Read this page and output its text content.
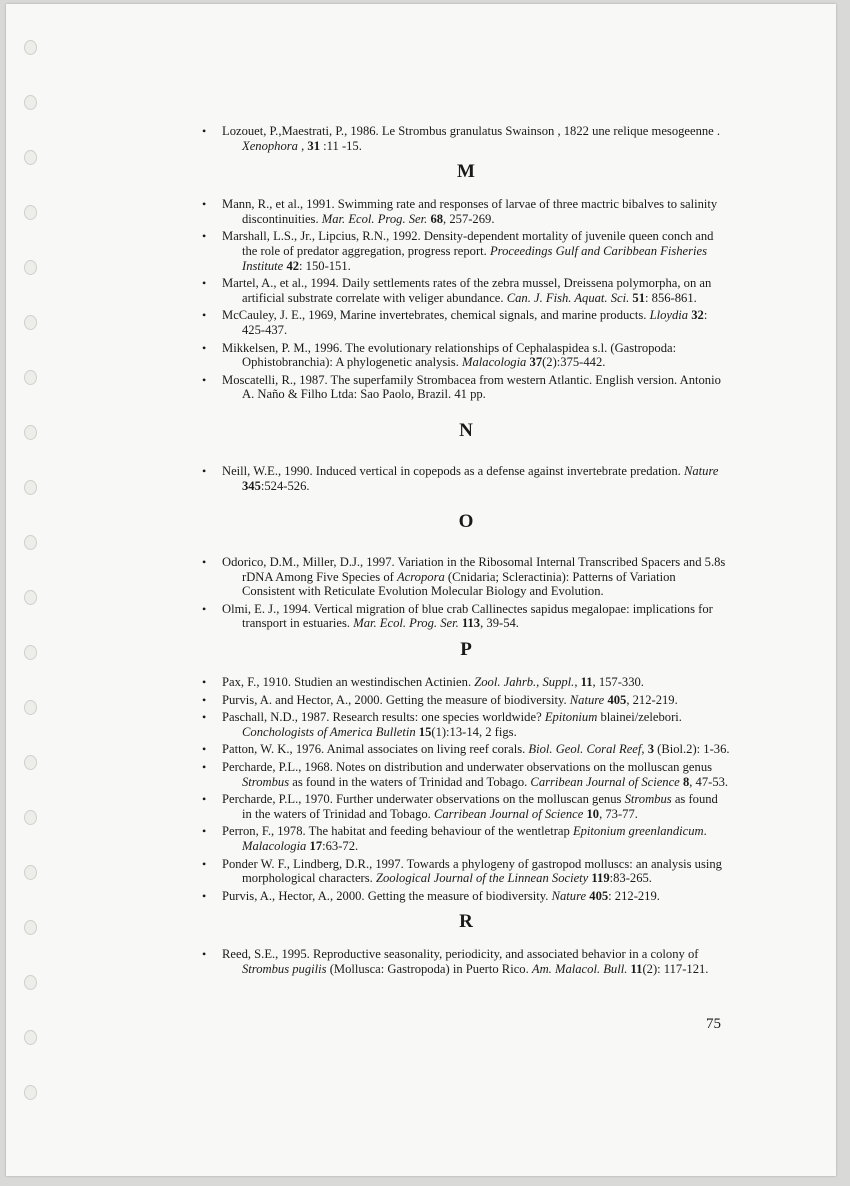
• Lozouet, P.,Maestrati, P., 1986. Le Strombus granulatus Swainson , 1822 une relique mesogeenne . Xenophora , 31 :11 -15.
M
• Mann, R., et al., 1991. Swimming rate and responses of larvae of three mactric bibalves to salinity discontinuities. Mar. Ecol. Prog. Ser. 68, 257-269.
• Marshall, L.S., Jr., Lipcius, R.N., 1992. Density-dependent mortality of juvenile queen conch and the role of predator aggregation, progress report. Proceedings Gulf and Caribbean Fisheries Institute 42: 150-151.
• Martel, A., et al., 1994. Daily settlements rates of the zebra mussel, Dreissena polymorpha, on an artificial substrate correlate with veliger abundance. Can. J. Fish. Aquat. Sci. 51: 856-861.
• McCauley, J. E., 1969, Marine invertebrates, chemical signals, and marine products. Lloydia 32: 425-437.
• Mikkelsen, P. M., 1996. The evolutionary relationships of Cephalaspidea s.l. (Gastropoda: Ophistobranchia): A phylogenetic analysis. Malacologia 37(2):375-442.
• Moscatelli, R., 1987. The superfamily Strombacea from western Atlantic. English version. Antonio A. Naño & Filho Ltda: Sao Paolo, Brazil. 41 pp.
N
• Neill, W.E., 1990. Induced vertical in copepods as a defense against invertebrate predation. Nature 345:524-526.
O
• Odorico, D.M., Miller, D.J., 1997. Variation in the Ribosomal Internal Transcribed Spacers and 5.8s rDNA Among Five Species of Acropora (Cnidaria; Scleractinia): Patterns of Variation Consistent with Reticulate Evolution Molecular Biology and Evolution.
• Olmi, E. J., 1994. Vertical migration of blue crab Callinectes sapidus megalopae: implications for transport in estuaries. Mar. Ecol. Prog. Ser. 113, 39-54.
P
• Pax, F., 1910. Studien an westindischen Actinien. Zool. Jahrb., Suppl., 11, 157-330.
• Purvis, A. and Hector, A., 2000. Getting the measure of biodiversity. Nature 405, 212-219.
• Paschall, N.D., 1987. Research results: one species worldwide? Epitonium blainei/zelebori. Conchologists of America Bulletin 15(1):13-14, 2 figs.
• Patton, W. K., 1976. Animal associates on living reef corals. Biol. Geol. Coral Reef, 3 (Biol.2): 1-36.
• Percharde, P.L., 1968. Notes on distribution and underwater observations on the molluscan genus Strombus as found in the waters of Trinidad and Tobago. Carribean Journal of Science 8, 47-53.
• Percharde, P.L., 1970. Further underwater observations on the molluscan genus Strombus as found in the waters of Trinidad and Tobago. Carribean Journal of Science 10, 73-77.
• Perron, F., 1978. The habitat and feeding behaviour of the wentletrap Epitonium greenlandicum. Malacologia 17:63-72.
• Ponder W. F., Lindberg, D.R., 1997. Towards a phylogeny of gastropod molluscs: an analysis using morphological characters. Zoological Journal of the Linnean Society 119:83-265.
• Purvis, A., Hector, A., 2000. Getting the measure of biodiversity. Nature 405: 212-219.
R
• Reed, S.E., 1995. Reproductive seasonality, periodicity, and associated behavior in a colony of Strombus pugilis (Mollusca: Gastropoda) in Puerto Rico. Am. Malacol. Bull. 11(2): 117-121.
75
